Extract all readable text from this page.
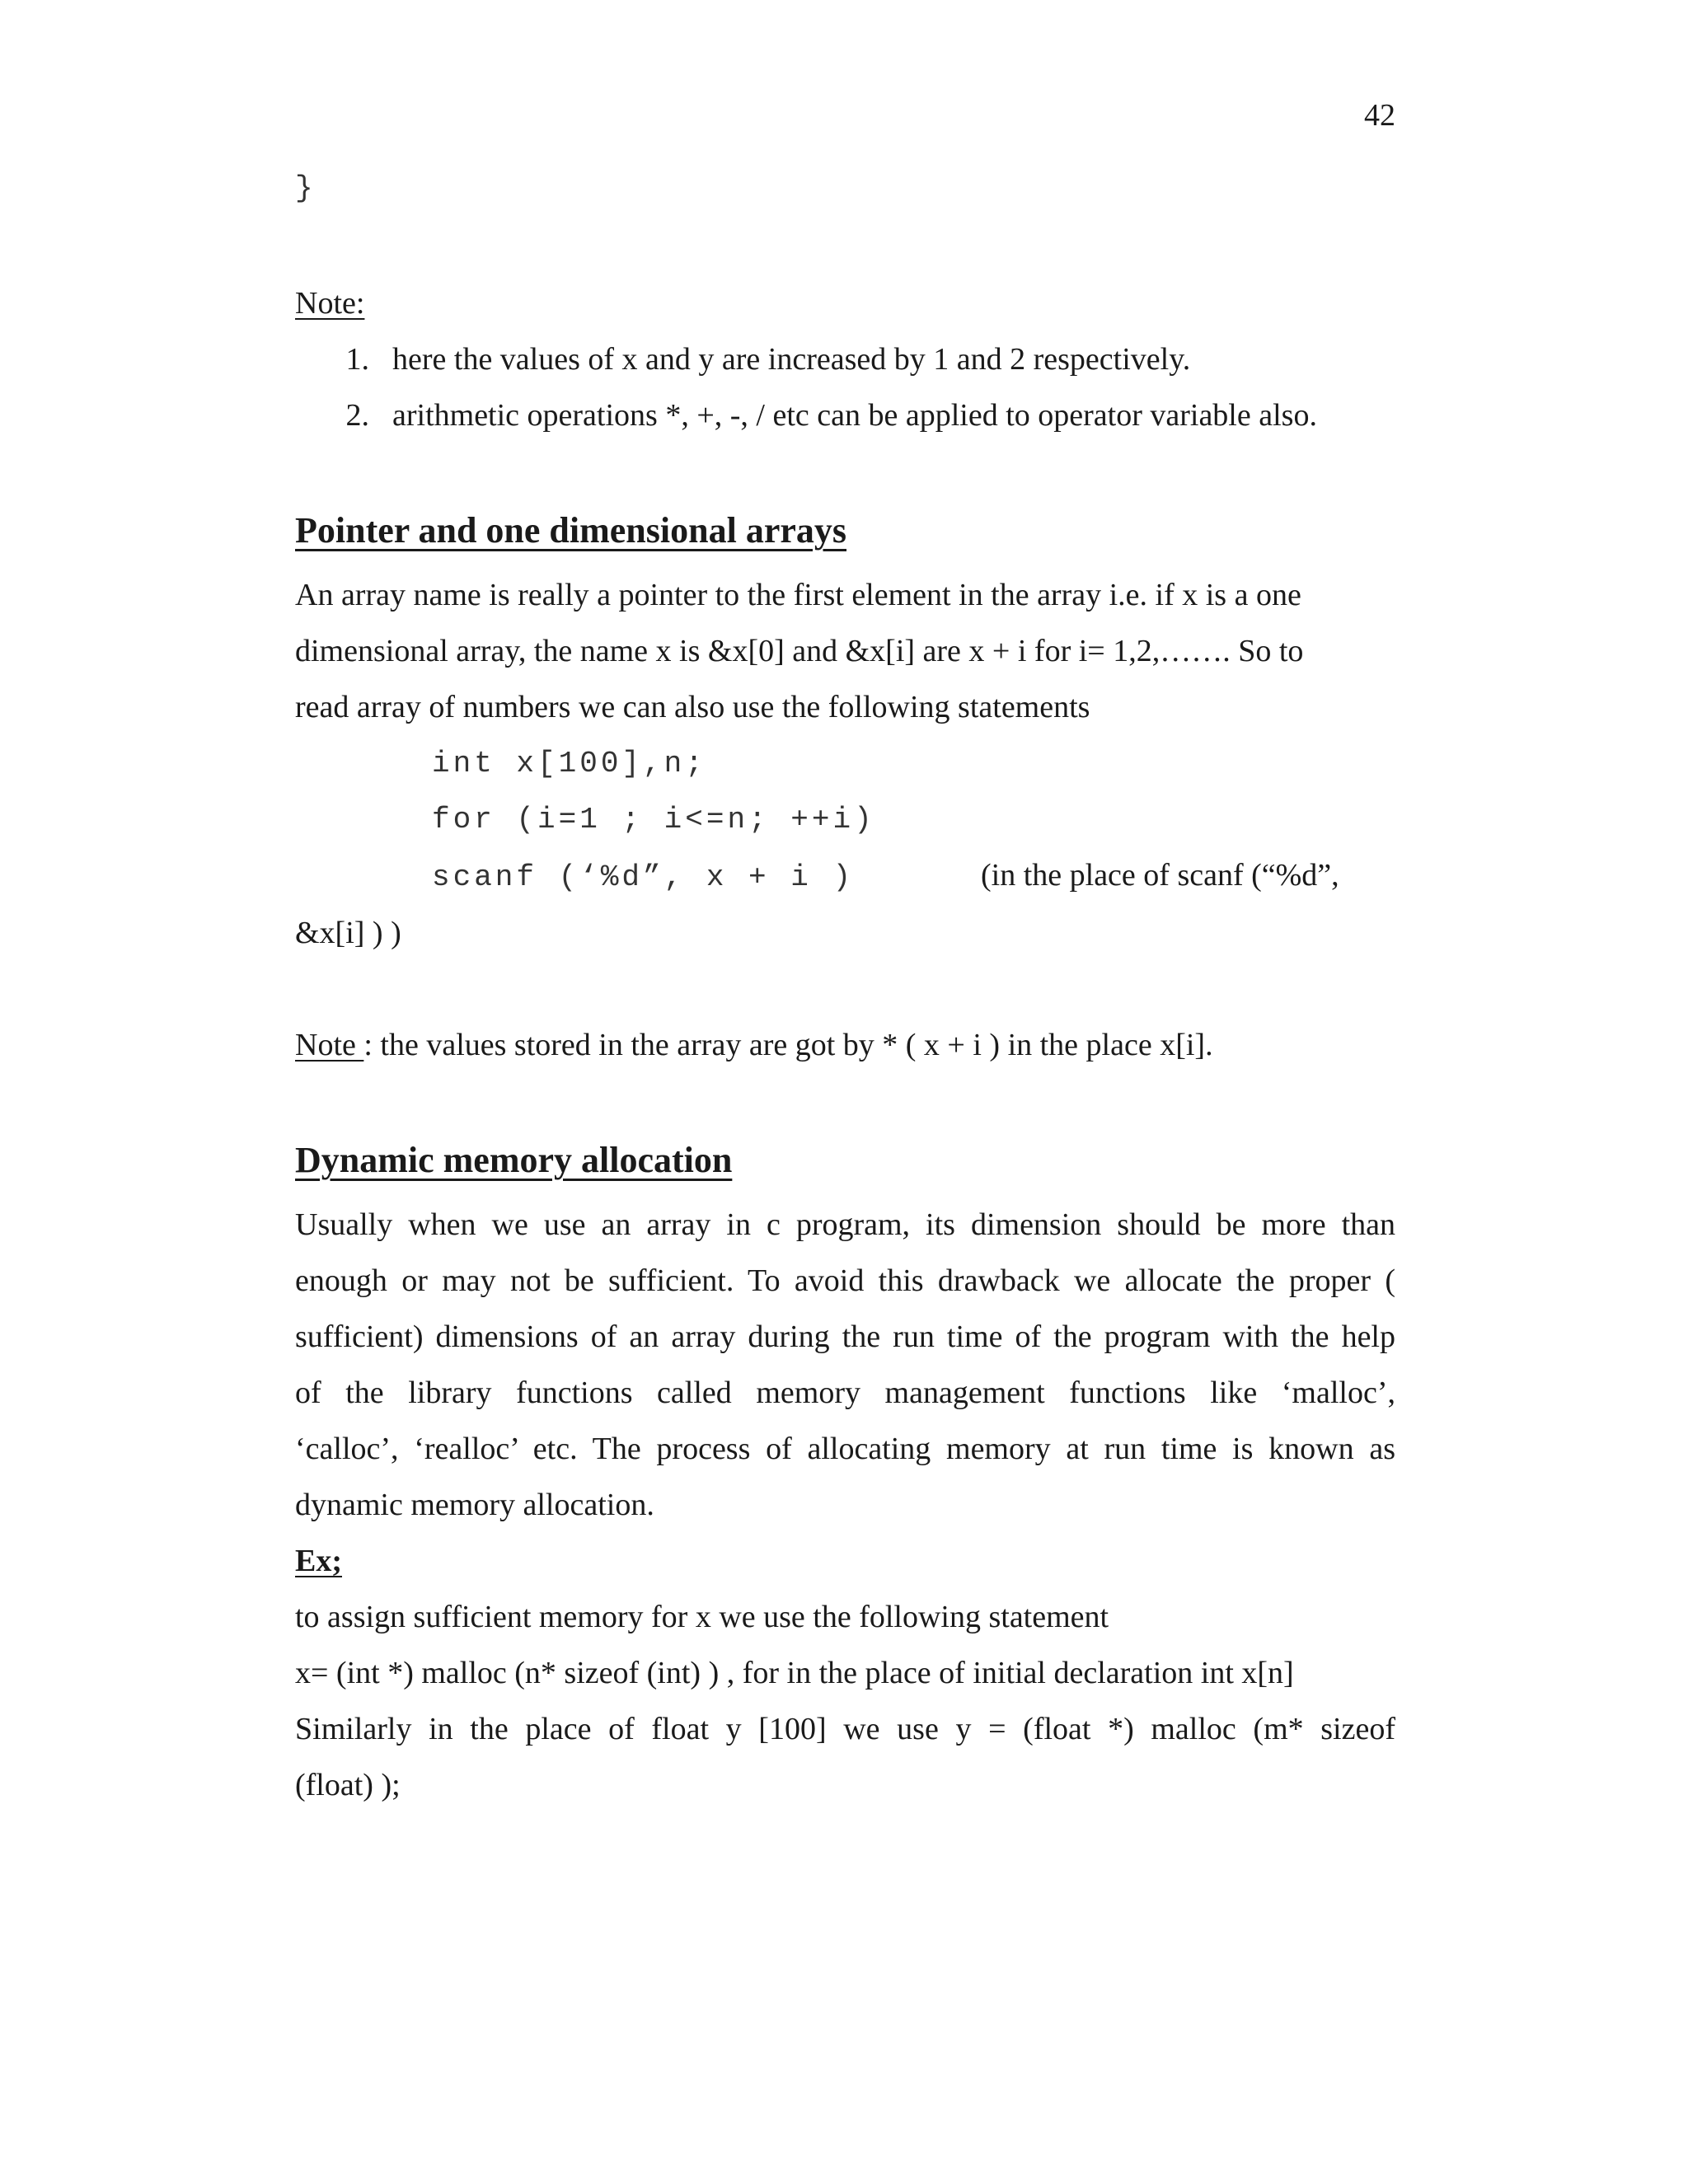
42
}
Note:
1. here the values of x and y are increased by 1 and 2 respectively.
2. arithmetic operations *, +, -, / etc can be applied to operator variable also.
Pointer and one dimensional arrays
An array name is really a pointer to the first element in the array i.e. if x is a one
dimensional array, the name x is &x[0] and &x[i] are x + i for i= 1,2,……. So to
read array of numbers we can also use the following statements
int x[100],n;
for (i=1 ; i<=n; ++i)
scanf (‘%d”, x + i )	(in the place of scanf (“%d”,
&x[i] ) )
Note : the values stored in the array are got by * ( x + i ) in the place x[i].
Dynamic memory allocation
Usually when we use an array in c program, its dimension should be more than
enough or may not be sufficient. To avoid this drawback we allocate the proper (
sufficient) dimensions of an array during the run time of the program with the help
of the library functions called memory management functions like ‘malloc’,
‘calloc’, ‘realloc’ etc. The process of allocating memory at run time is known as
dynamic memory allocation.
Ex;
to assign sufficient memory for x we use the following statement
x= (int *) malloc (n* sizeof (int) ) , for in the place of initial declaration int x[n]
Similarly in the place of float y [100] we use y = (float *) malloc (m* sizeof
(float) );
